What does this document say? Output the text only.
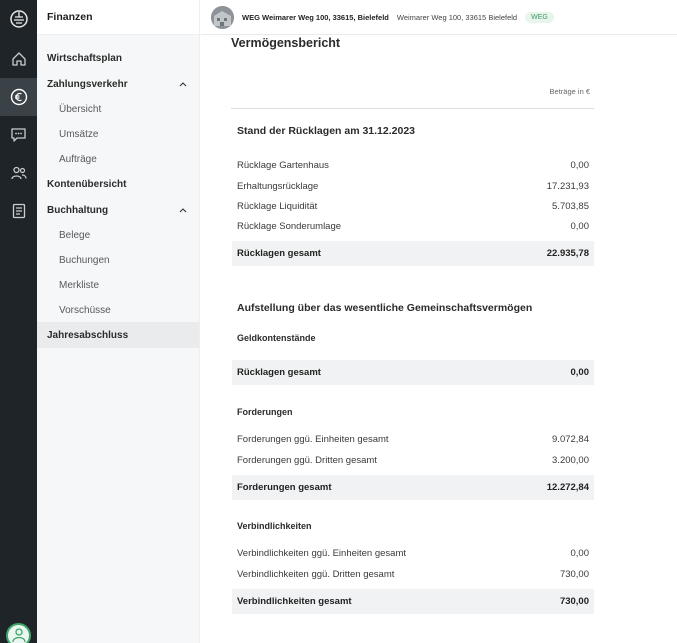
Finanzen
Wirtschaftsplan
Zahlungsverkehr
Übersicht
Umsätze
Aufträge
Kontenübersicht
Buchhaltung
Belege
Buchungen
Merkliste
Vorschüsse
Jahresabschluss
WEG Weimarer Weg 100, 33615, Bielefeld Weimarer Weg 100, 33615 Bielefeld	WEG
Vermögensbericht
Beträge in €
Stand der Rücklagen am 31.12.2023
Rücklage Gartenhaus	0,00
Erhaltungsrücklage	17.231,93
Rücklage Liquidität	5.703,85
Rücklage Sonderumlage	0,00
Rücklagen gesamt	22.935,78
Aufstellung über das wesentliche Gemeinschaftsvermögen
Geldkontenstände
Rücklagen gesamt	0,00
Forderungen
Forderungen ggü. Einheiten gesamt	9.072,84
Forderungen ggü. Dritten gesamt	3.200,00
Forderungen gesamt	12.272,84
Verbindlichkeiten
Verbindlichkeiten ggü. Einheiten gesamt	0,00
Verbindlichkeiten ggü. Dritten gesamt	730,00
Verbindlichkeiten gesamt	730,00
